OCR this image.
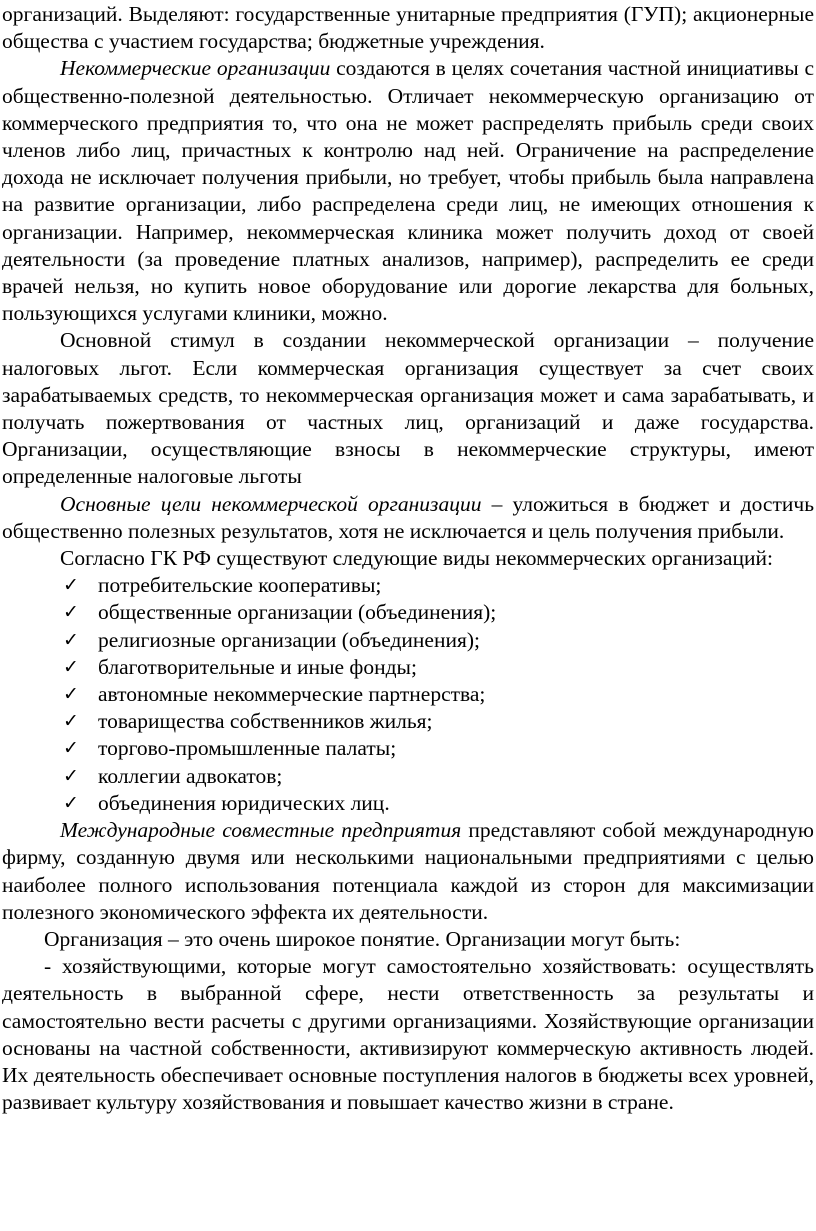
организаций. Выделяют: государственные унитарные предприятия (ГУП); акционерные общества с участием государства; бюджетные учреждения.

Некоммерческие организации создаются в целях сочетания частной инициативы с общественно-полезной деятельностью. Отличает некоммерческую организацию от коммерческого предприятия то, что она не может распределять прибыль среди своих членов либо лиц, причастных к контролю над ней. Ограничение на распределение дохода не исключает получения прибыли, но требует, чтобы прибыль была направлена на развитие организации, либо распределена среди лиц, не имеющих отношения к организации. Например, некоммерческая клиника может получить доход от своей деятельности (за проведение платных анализов, например), распределить ее среди врачей нельзя, но купить новое оборудование или дорогие лекарства для больных, пользующихся услугами клиники, можно.

Основной стимул в создании некоммерческой организации – получение налоговых льгот. Если коммерческая организация существует за счет своих зарабатываемых средств, то некоммерческая организация может и сама зарабатывать, и получать пожертвования от частных лиц, организаций и даже государства. Организации, осуществляющие взносы в некоммерческие структуры, имеют определенные налоговые льготы

Основные цели некоммерческой организации – уложиться в бюджет и достичь общественно полезных результатов, хотя не исключается и цель получения прибыли.

Согласно ГК РФ существуют следующие виды некоммерческих организаций:

✓ потребительские кооперативы;
✓ общественные организации (объединения);
✓ религиозные организации (объединения);
✓ благотворительные и иные фонды;
✓ автономные некоммерческие партнерства;
✓ товарищества собственников жилья;
✓ торгово-промышленные палаты;
✓ коллегии адвокатов;
✓ объединения юридических лиц.

Международные совместные предприятия представляют собой международную фирму, созданную двумя или несколькими национальными предприятиями с целью наиболее полного использования потенциала каждой из сторон для максимизации полезного экономического эффекта их деятельности.

Организация – это очень широкое понятие. Организации могут быть:

- хозяйствующими, которые могут самостоятельно хозяйствовать: осуществлять деятельность в выбранной сфере, нести ответственность за результаты и самостоятельно вести расчеты с другими организациями. Хозяйствующие организации основаны на частной собственности, активизируют коммерческую активность людей. Их деятельность обеспечивает основные поступления налогов в бюджеты всех уровней, развивает культуру хозяйствования и повышает качество жизни в стране.
